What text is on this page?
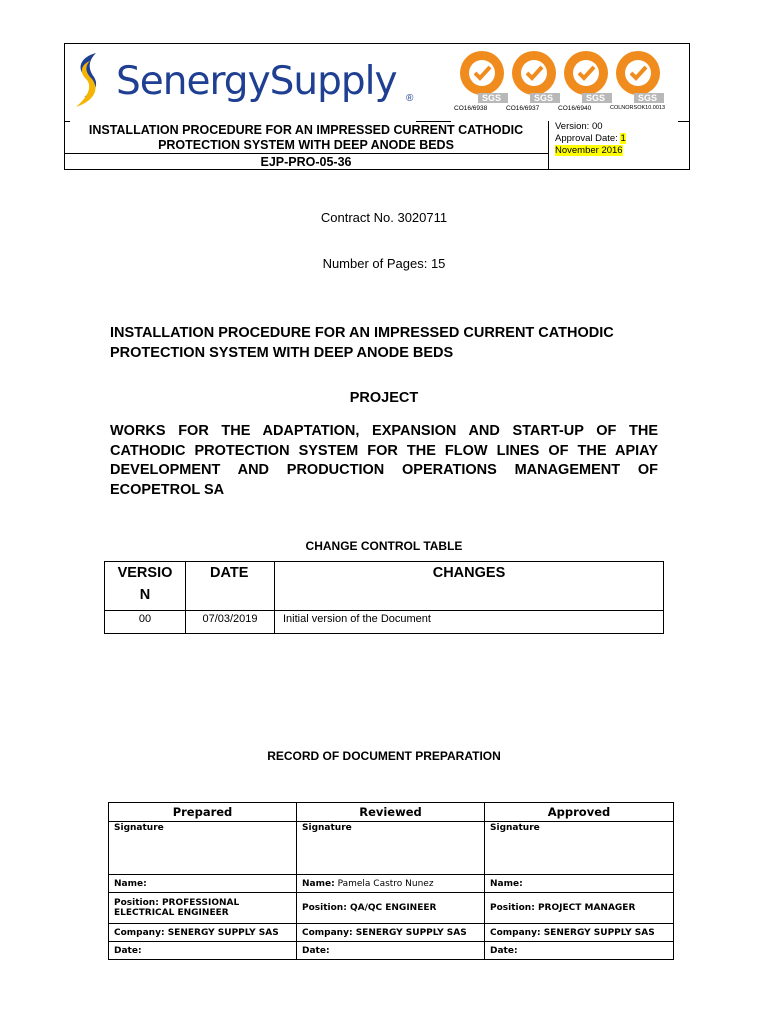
SenergySupply ®	SGS
CO16/6938
SGS
CO16/6937
SGS
CO16/6940
SGS
COLNORSOK10.0013
INSTALLATION PROCEDURE FOR AN IMPRESSED CURRENT CATHODIC PROTECTION SYSTEM WITH DEEP ANODE BEDS
EJP-PRO-05-36
Version: 00
Approval Date: 1
November 2016
Contract No. 3020711
Number of Pages: 15
INSTALLATION PROCEDURE FOR AN IMPRESSED CURRENT CATHODIC PROTECTION SYSTEM WITH DEEP ANODE BEDS
PROJECT
WORKS FOR THE ADAPTATION, EXPANSION AND START-UP OF THE
CATHODIC PROTECTION SYSTEM FOR THE FLOW LINES OF THE APIAY
DEVELOPMENT AND PRODUCTION OPERATIONS MANAGEMENT OF
ECOPETROL SA
CHANGE CONTROL TABLE
VERSIO N	DATE	CHANGES
00	07/03/2019	Initial version of the Document
RECORD OF DOCUMENT PREPARATION
Prepared	Reviewed	Approved
Signature	Signature	Signature
Name:	Name: Pamela Castro Nunez	Name:
Position: PROFESSIONAL ELECTRICAL ENGINEER	Position: QA/QC ENGINEER	Position: PROJECT MANAGER
Company: SENERGY SUPPLY SAS	Company: SENERGY SUPPLY SAS	Company: SENERGY SUPPLY SAS
Date:	Date:	Date:
